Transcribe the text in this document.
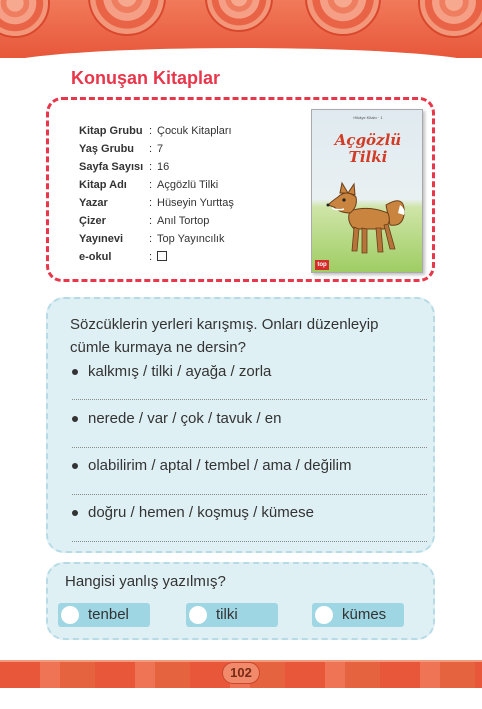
Konuşan Kitaplar
Kitap Grubu : Çocuk Kitapları
Yaş Grubu	: 7
Sayfa Sayısı : 16
Kitap Adı	: Açgözlü Tilki
Yazar	: Hüseyin Yurttaş
Çizer	: Anıl Tortop
Yayınevi	: Top Yayıncılık
e-okul	:
Hikâye Kitabı · 1
Açgözlü
Tilki
top
Sözcüklerin yerleri karışmış. Onları düzenleyip cümle kurmaya ne dersin?
kalkmış / tilki / ayağa / zorla
nerede / var / çok / tavuk / en
olabilirim / aptal / tembel / ama / değilim
doğru / hemen / koşmuş / kümese
Hangisi yanlış yazılmış?
tenbel	tilki	kümes
102
